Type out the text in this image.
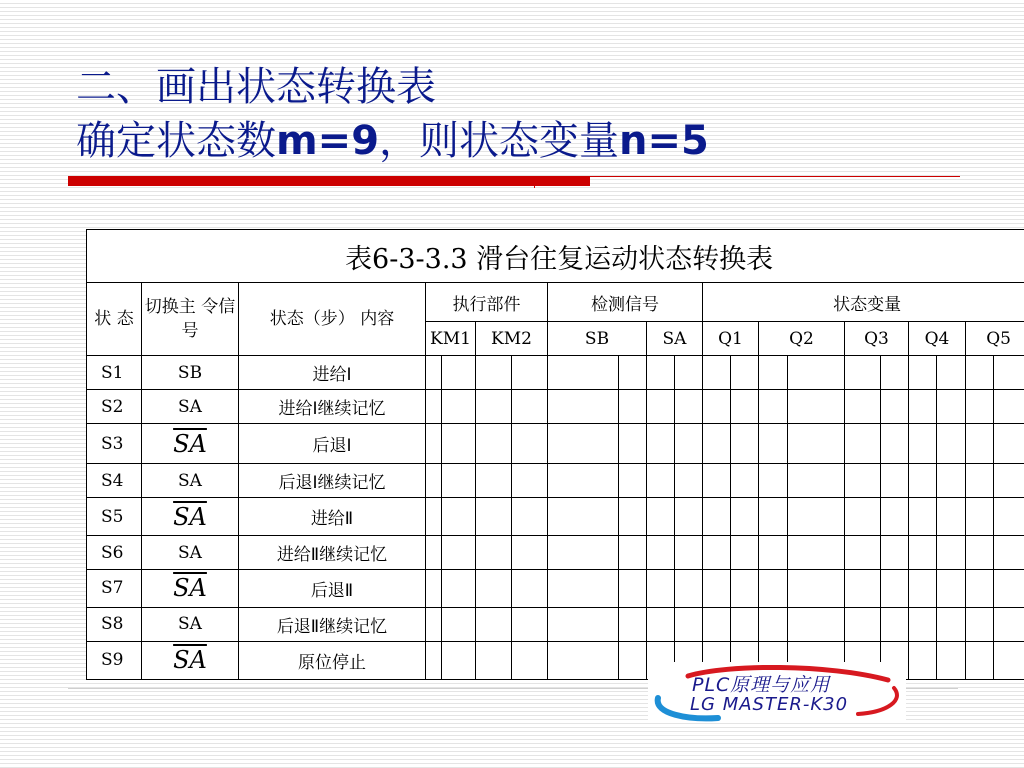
二、画出状态转换表
确定状态数m=9，则状态变量n=5
表6-3-3.3 滑台往复运动状态转换表																				
状 态	切换主 令信号	状态（步） 内容	执行部件				检测信号				状态变量									
			KM1		KM2		SB		SA		Q1		Q2		Q3		Q4		Q5	
S1	SB	进给Ⅰ																		
S2	SA	进给Ⅰ继续记忆																		
S3	$\overline{SA}$	后退Ⅰ																		
S4	SA	后退Ⅰ继续记忆																		
S5	$\overline{SA}$	进给Ⅱ																		
S6	SA	进给Ⅱ继续记忆																		
S7	$\overline{SA}$	后退Ⅱ																		
S8	SA	后退Ⅱ继续记忆																		
S9	$\overline{SA}$	原位停止																		
PLC原理与应用
LG MASTER-K30
